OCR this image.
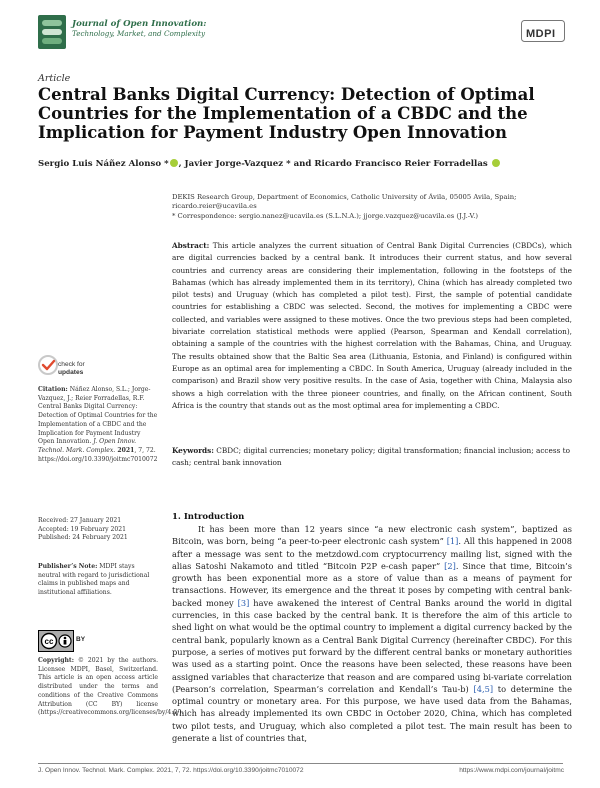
Journal of Open Innovation:
Technology, Market, and Complexity	MDPI
Article
Central Banks Digital Currency: Detection of Optimal Countries for the Implementation of a CBDC and the Implication for Payment Industry Open Innovation
Sergio Luis Náñez Alonso * , Javier Jorge-Vazquez * and Ricardo Francisco Reier Forradellas
DEKIS Research Group, Department of Economics, Catholic University of Ávila, 05005 Avila, Spain;
ricardo.reier@ucavila.es
* Correspondence: sergio.nanez@ucavila.es (S.L.N.A.); jjorge.vazquez@ucavila.es (J.J.-V.)
Abstract: This article analyzes the current situation of Central Bank Digital Currencies (CBDCs), which are digital currencies backed by a central bank. It introduces their current status, and how several countries and currency areas are considering their implementation, following in the footsteps of the Bahamas (which has already implemented them in its territory), China (which has already completed two pilot tests) and Uruguay (which has completed a pilot test). First, the sample of potential candidate countries for establishing a CBDC was selected. Second, the motives for implementing a CBDC were collected, and variables were assigned to these motives. Once the two previous steps had been completed, bivariate correlation statistical methods were applied (Pearson, Spearman and Kendall correlation), obtaining a sample of the countries with the highest correlation with the Bahamas, China, and Uruguay. The results obtained show that the Baltic Sea area (Lithuania, Estonia, and Finland) is configured within Europe as an optimal area for implementing a CBDC. In South America, Uruguay (already included in the comparison) and Brazil show very positive results. In the case of Asia, together with China, Malaysia also shows a high correlation with the three pioneer countries, and finally, on the African continent, South Africa is the country that stands out as the most optimal area for implementing a CBDC.
Keywords: CBDC; digital currencies; monetary policy; digital transformation; financial inclusion; access to cash; central bank innovation
1. Introduction
It has been more than 12 years since “a new electronic cash system”, baptized as Bitcoin, was born, being “a peer-to-peer electronic cash system” [1]. All this happened in 2008 after a message was sent to the metzdowd.com cryptocurrency mailing list, signed with the alias Satoshi Nakamoto and titled “Bitcoin P2P e-cash paper” [2]. Since that time, Bitcoin’s growth has been exponential more as a store of value than as a means of payment for transactions. However, its emergence and the threat it poses by competing with central bank-backed money [3] have awakened the interest of Central Banks around the world in digital currencies, in this case backed by the central bank. It is therefore the aim of this article to shed light on what would be the optimal country to implement a digital currency backed by the central bank, popularly known as a Central Bank Digital Currency (hereinafter CBDC). For this purpose, a series of motives put forward by the different central banks or monetary authorities was used as a starting point. Once the reasons have been selected, these reasons have been assigned variables that characterize that reason and are compared using bi-variate correlation (Pearson’s correlation, Spearman’s correlation and Kendall’s Tau-b) [4,5] to determine the optimal country or monetary area. For this purpose, we have used data from the Bahamas, which has already implemented its own CBDC in October 2020, China, which has completed two pilot tests, and Uruguay, which also completed a pilot test. The main result has been to generate a list of countries that,
check for
updates
Citation: Náñez Alonso, S.L.; Jorge-Vazquez, J.; Reier Forradellas, R.F. Central Banks Digital Currency: Detection of Optimal Countries for the Implementation of a CBDC and the Implication for Payment Industry Open Innovation. J. Open Innov. Technol. Mark. Complex. 2021, 7, 72. https://doi.org/10.3390/joitmc7010072
Received: 27 January 2021
Accepted: 19 February 2021
Published: 24 February 2021
Publisher’s Note: MDPI stays neutral with regard to jurisdictional claims in published maps and institutional affiliations.
cc	BY
Copyright: © 2021 by the authors. Licensee MDPI, Basel, Switzerland. This article is an open access article distributed under the terms and conditions of the Creative Commons Attribution (CC BY) license (https://creativecommons.org/licenses/by/4.0/).
J. Open Innov. Technol. Mark. Complex. 2021, 7, 72. https://doi.org/10.3390/joitmc7010072	https://www.mdpi.com/journal/joitmc
